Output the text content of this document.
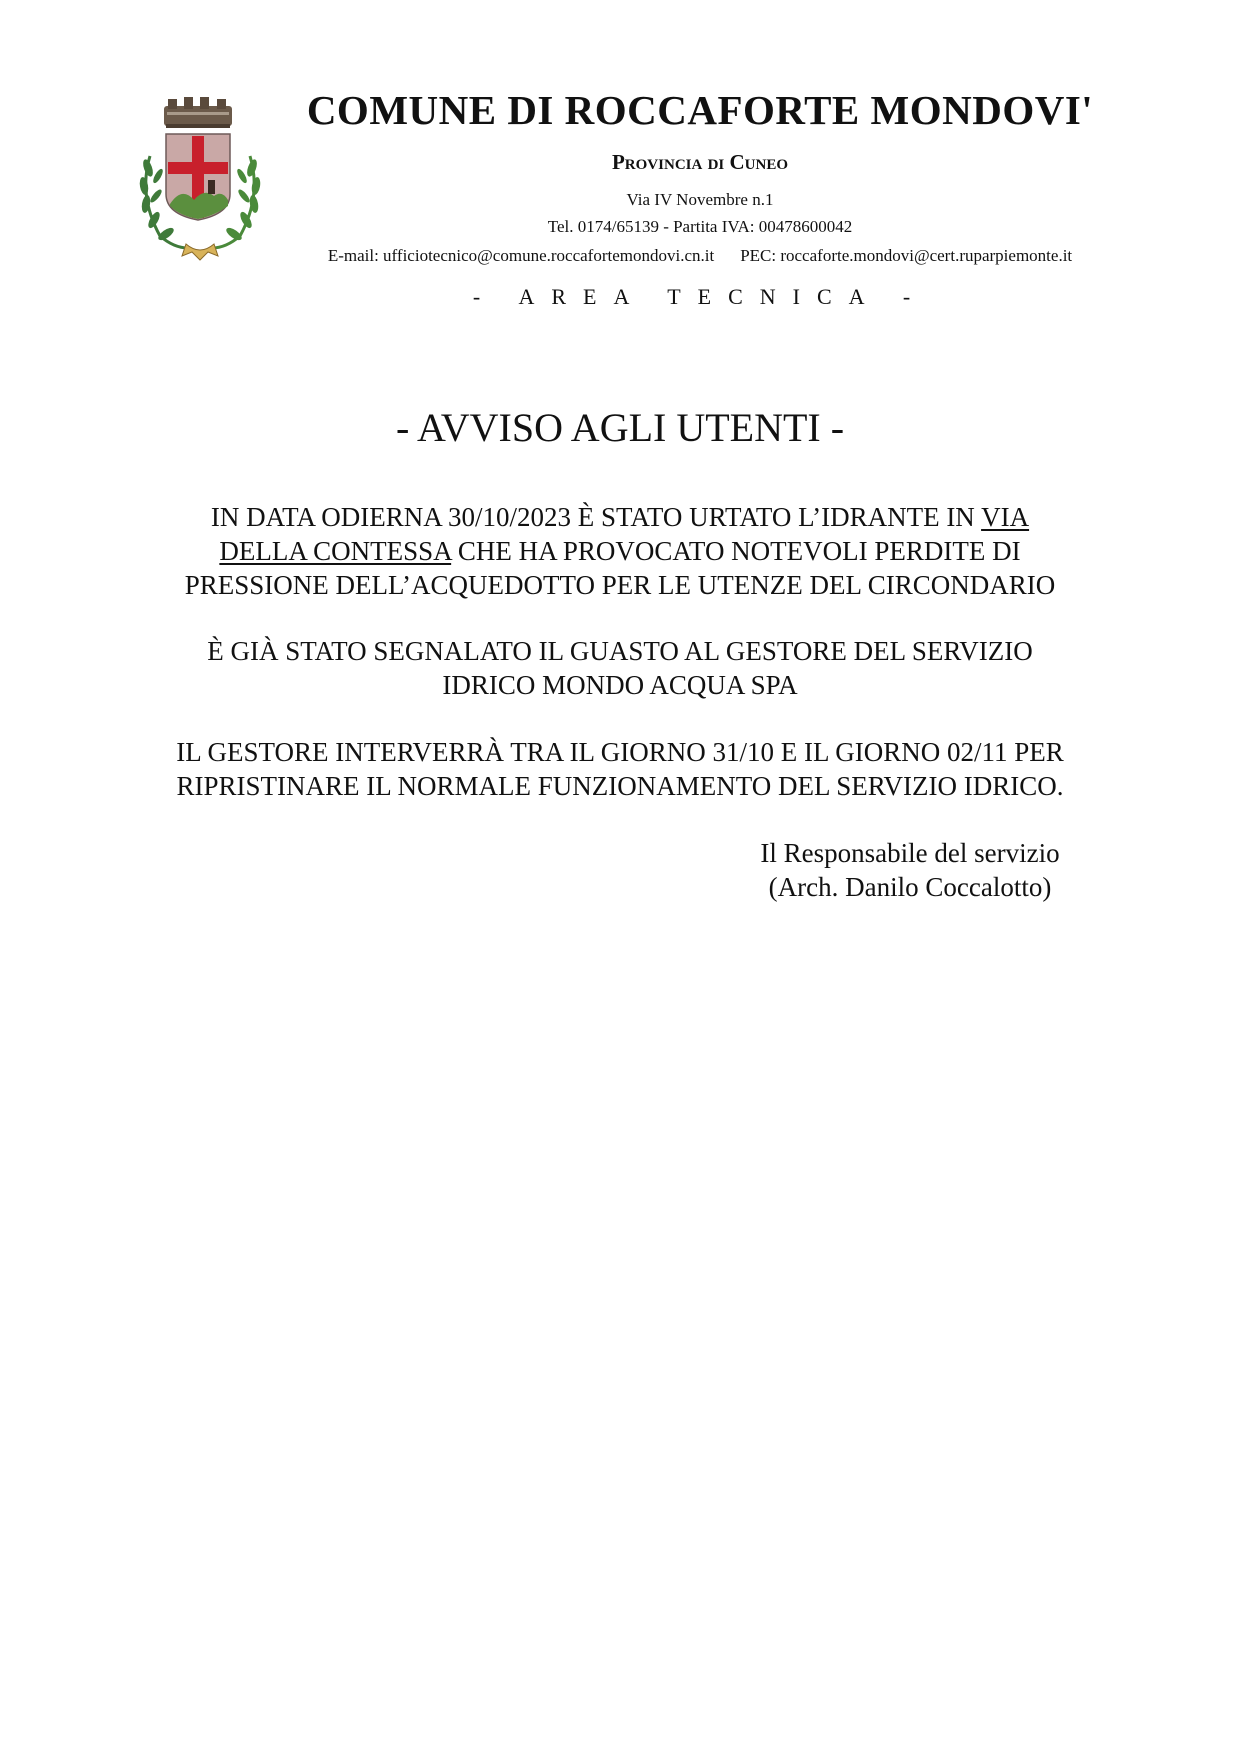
COMUNE DI ROCCAFORTE MONDOVI'
Provincia di Cuneo
Via IV Novembre n.1
Tel. 0174/65139 - Partita IVA: 00478600042
E-mail: ufficiotecnico@comune.roccafortemondovi.cn.it PEC: roccaforte.mondovi@cert.ruparpiemonte.it
- AREA TECNICA -
- AVVISO AGLI UTENTI -
IN DATA ODIERNA 30/10/2023 È STATO URTATO L’IDRANTE IN VIA
DELLA CONTESSA CHE HA PROVOCATO NOTEVOLI PERDITE DI
PRESSIONE DELL’ACQUEDOTTO PER LE UTENZE DEL CIRCONDARIO
È GIÀ STATO SEGNALATO IL GUASTO AL GESTORE DEL SERVIZIO
IDRICO MONDO ACQUA SPA
IL GESTORE INTERVERRÀ TRA IL GIORNO 31/10 E IL GIORNO 02/11 PER
RIPRISTINARE IL NORMALE FUNZIONAMENTO DEL SERVIZIO IDRICO.
Il Responsabile del servizio
(Arch. Danilo Coccalotto)
